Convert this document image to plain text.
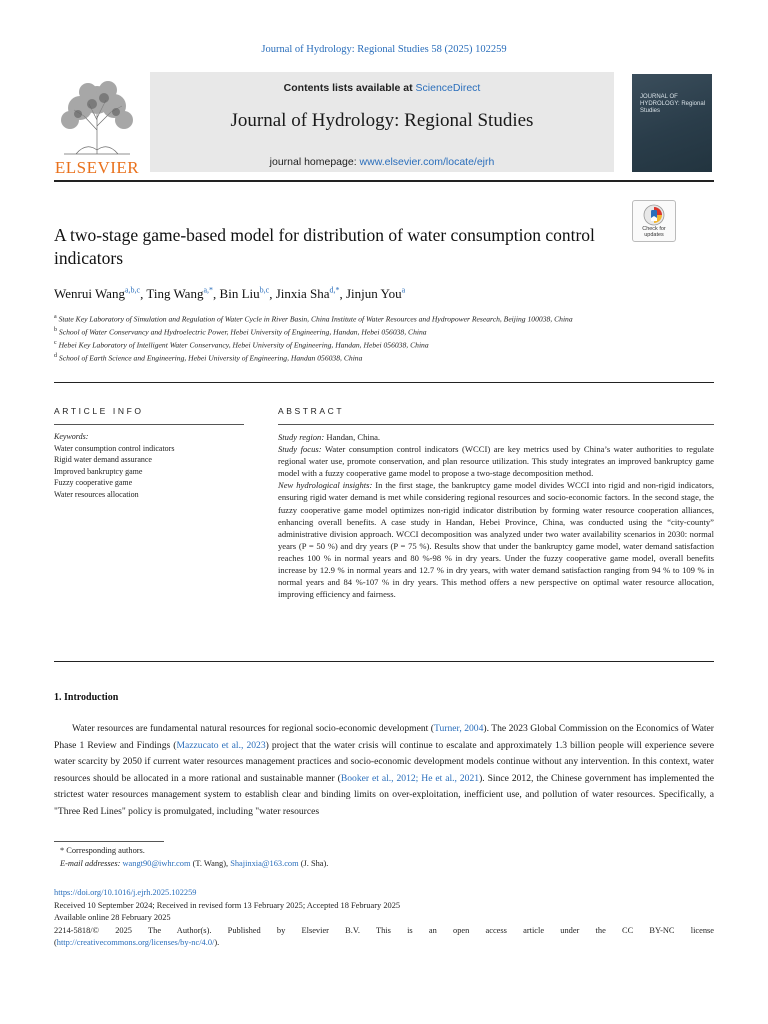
Journal of Hydrology: Regional Studies 58 (2025) 102259
ELSEVIER
Contents lists available at ScienceDirect
Journal of Hydrology: Regional Studies
journal homepage: www.elsevier.com/locate/ejrh
JOURNAL OF HYDROLOGY: Regional Studies
Check for updates
A two-stage game-based model for distribution of water consumption control indicators
Wenrui Wang$^{a,b,c}$, Ting Wang$^{a,*}$, Bin Liu$^{b,c}$, Jinxia Sha$^{d,*}$, Jinjun You$^a$
$^a$ State Key Laboratory of Simulation and Regulation of Water Cycle in River Basin, China Institute of Water Resources and Hydropower Research, Beijing 100038, China
$^b$ School of Water Conservancy and Hydroelectric Power, Hebei University of Engineering, Handan, Hebei 056038, China
$^c$ Hebei Key Laboratory of Intelligent Water Conservancy, Hebei University of Engineering, Handan, Hebei 056038, China
$^d$ School of Earth Science and Engineering, Hebei University of Engineering, Handan 056038, China
ARTICLE INFO	ABSTRACT
Keywords:
Water consumption control indicators
Rigid water demand assurance
Improved bankruptcy game
Fuzzy cooperative game
Water resources allocation

Study region: Handan, China.

Study focus: Water consumption control indicators (WCCI) are key metrics used by China’s water authorities to regulate regional water use, promote conservation, and plan resource utilization. This study integrates an improved bankruptcy game model with a fuzzy cooperative game model to propose a two-stage decomposition method.

New hydrological insights: In the first stage, the bankruptcy game model divides WCCI into rigid and non-rigid indicators, ensuring rigid water demand is met while considering regional resources and socio-economic factors. In the second stage, the fuzzy cooperative game model optimizes non-rigid indicator distribution by forming water resource cooperation alliances, enhancing overall benefits. A case study in Handan, Hebei Province, China, was conducted using the “city-county” administrative division approach. WCCI decomposition was analyzed under two water availability scenarios in 2030: normal years (P = 50 %) and dry years (P = 75 %). Results show that under the bankruptcy game model, water demand satisfaction reaches 100 % in normal years and 80 %-98 % in dry years. Under the fuzzy cooperative game model, overall benefits increase by 12.9 % in normal years and 12.7 % in dry years, with water demand satisfaction ranging from 94 % to 109 % in normal years and 84 %-107 % in dry years. This method offers a new perspective on optimal water resource allocation, improving efficiency and fairness.

1. Introduction
Water resources are fundamental natural resources for regional socio-economic development (Turner, 2004). The 2023 Global Commission on the Economics of Water Phase 1 Review and Findings (Mazzucato et al., 2023) project that the water crisis will continue to escalate and approximately 1.3 billion people will experience severe water scarcity by 2050 if current water resources management practices and socio-economic development models continue without any intervention. In this context, water resources should be allocated in a more rational and sustainable manner (Booker et al., 2012; He et al., 2021). Since 2012, the Chinese government has implemented the strictest water resources management system to establish clear and binding limits on over-exploitation, inefficient use, and pollution of water resources. Specifically, a "Three Red Lines" policy is promulgated, including "water resources
* Corresponding authors.
E-mail addresses: wangt90@iwhr.com (T. Wang), Shajinxia@163.com (J. Sha).
https://doi.org/10.1016/j.ejrh.2025.102259
Received 10 September 2024; Received in revised form 13 February 2025; Accepted 18 February 2025
Available online 28 February 2025
2214-5818/© 2025 The Author(s). Published by Elsevier B.V. This is an open access article under the CC BY-NC license
(http://creativecommons.org/licenses/by-nc/4.0/).
